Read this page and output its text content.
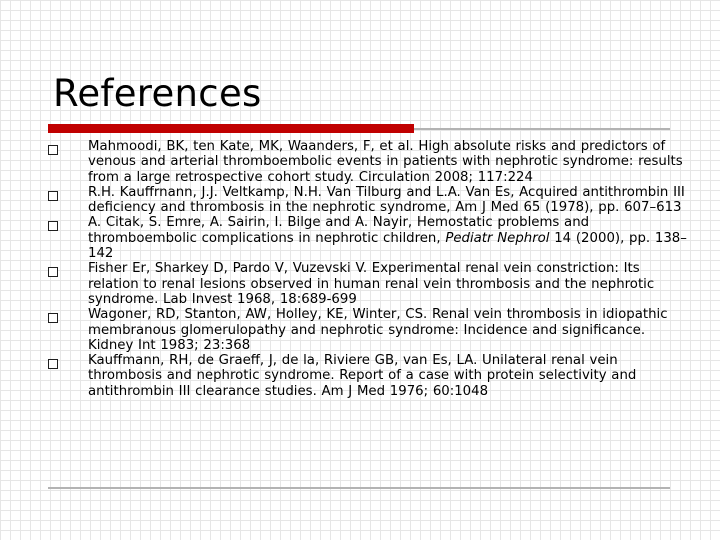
References
Mahmoodi, BK, ten Kate, MK, Waanders, F, et al. High absolute risks and predictors of venous and arterial thromboembolic events in patients with nephrotic syndrome: results from a large retrospective cohort study. Circulation 2008; 117:224
R.H. Kauffrnann, J.J. Veltkamp, N.H. Van Tilburg and L.A. Van Es, Acquired antithrombin III deficiency and thrombosis in the nephrotic syndrome, Am J Med 65 (1978), pp. 607–613
A. Citak, S. Emre, A. Sairin, I. Bilge and A. Nayir, Hemostatic problems and thromboembolic complications in nephrotic children, Pediatr Nephrol 14 (2000), pp. 138–142
Fisher Er, Sharkey D, Pardo V, Vuzevski V. Experimental renal vein constriction: Its relation to renal lesions observed in human renal vein thrombosis and the nephrotic syndrome. Lab Invest 1968, 18:689-699
Wagoner, RD, Stanton, AW, Holley, KE, Winter, CS. Renal vein thrombosis in idiopathic membranous glomerulopathy and nephrotic syndrome: Incidence and significance. Kidney Int 1983; 23:368
Kauffmann, RH, de Graeff, J, de la, Riviere GB, van Es, LA. Unilateral renal vein thrombosis and nephrotic syndrome. Report of a case with protein selectivity and antithrombin III clearance studies. Am J Med 1976; 60:1048
